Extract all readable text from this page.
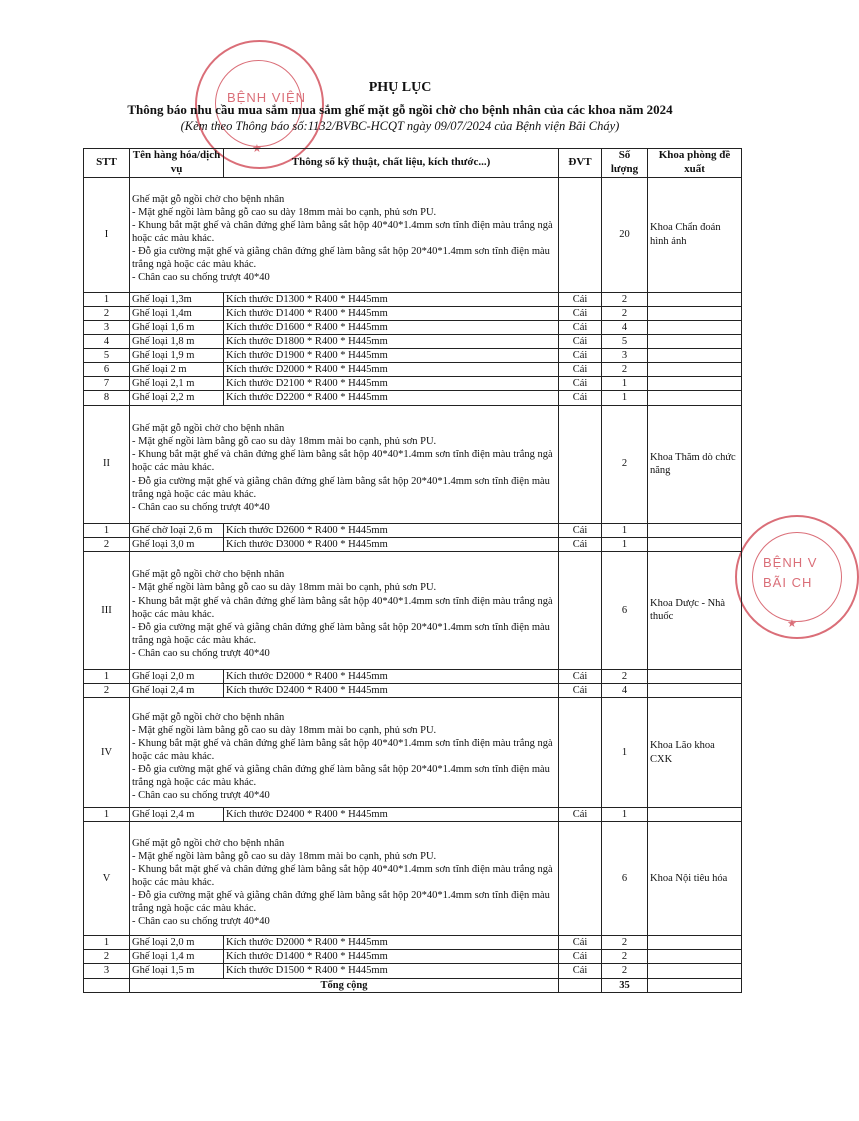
BỆNH VIỆN
★
BỆNH V
BÃI CH
★
PHỤ LỤC
Thông báo nhu cầu mua sắm mua sắm ghế mặt gỗ ngồi chờ cho bệnh nhân của các khoa năm 2024
(Kèm theo Thông báo số:1132/BVBC-HCQT ngày 09/07/2024 của Bệnh viện Bãi Cháy)
STT	Tên hàng hóa/dịch vụ	Thông số kỹ thuật, chất liệu, kích thước...)	ĐVT	Số lượng	Khoa phòng đề xuất
I	Ghế mặt gỗ ngồi chờ cho bệnh nhân
- Mặt ghế ngồi làm bằng gỗ cao su dày 18mm mài bo cạnh, phủ sơn PU.
- Khung bắt mặt ghế và chân đứng ghế làm bằng sắt hộp 40*40*1.4mm sơn tĩnh điện màu trắng ngà hoặc các màu khác.
- Đỗ gia cường mặt ghế và giằng chân đứng ghế làm bằng sắt hộp 20*40*1.4mm sơn tĩnh điện màu trắng ngà hoặc các màu khác.
- Chân cao su chống trượt 40*40			20	Khoa Chẩn đoán hình ảnh
1	Ghế loại 1,3m	Kích thước D1300 * R400 * H445mm	Cái	2	
2	Ghế loại 1,4m	Kích thước D1400 * R400 * H445mm	Cái	2	
3	Ghế loại 1,6 m	Kích thước D1600 * R400 * H445mm	Cái	4	
4	Ghế loại 1,8 m	Kích thước D1800 * R400 * H445mm	Cái	5	
5	Ghế loại 1,9 m	Kích thước D1900 * R400 * H445mm	Cái	3	
6	Ghế loại 2 m	Kích thước D2000 * R400 * H445mm	Cái	2	
7	Ghế loại 2,1 m	Kích thước D2100 * R400 * H445mm	Cái	1	
8	Ghế loại 2,2 m	Kích thước D2200 * R400 * H445mm	Cái	1	
II	Ghế mặt gỗ ngồi chờ cho bệnh nhân
- Mặt ghế ngồi làm bằng gỗ cao su dày 18mm mài bo cạnh, phủ sơn PU.
- Khung bắt mặt ghế và chân đứng ghế làm bằng sắt hộp 40*40*1.4mm sơn tĩnh điện màu trắng ngà hoặc các màu khác.
- Đỗ gia cường mặt ghế và giằng chân đứng ghế làm bằng sắt hộp 20*40*1.4mm sơn tĩnh điện màu trắng ngà hoặc các màu khác.
- Chân cao su chống trượt 40*40			2	Khoa Thăm dò chức năng
1	Ghế chờ loại 2,6 m	Kích thước D2600 * R400 * H445mm	Cái	1	
2	Ghế loại 3,0 m	Kích thước D3000 * R400 * H445mm	Cái	1	
III	Ghế mặt gỗ ngồi chờ cho bệnh nhân
- Mặt ghế ngồi làm bằng gỗ cao su dày 18mm mài bo cạnh, phủ sơn PU.
- Khung bắt mặt ghế và chân đứng ghế làm bằng sắt hộp 40*40*1.4mm sơn tĩnh điện màu trắng ngà hoặc các màu khác.
- Đỗ gia cường mặt ghế và giằng chân đứng ghế làm bằng sắt hộp 20*40*1.4mm sơn tĩnh điện màu trắng ngà hoặc các màu khác.
- Chân cao su chống trượt 40*40			6	Khoa Dược - Nhà thuốc
1	Ghế loại 2,0 m	Kích thước D2000 * R400 * H445mm	Cái	2	
2	Ghế loại 2,4 m	Kích thước D2400 * R400 * H445mm	Cái	4	
IV	Ghế mặt gỗ ngồi chờ cho bệnh nhân
- Mặt ghế ngồi làm bằng gỗ cao su dày 18mm mài bo cạnh, phủ sơn PU.
- Khung bắt mặt ghế và chân đứng ghế làm bằng sắt hộp 40*40*1.4mm sơn tĩnh điện màu trắng ngà hoặc các màu khác.
- Đỗ gia cường mặt ghế và giằng chân đứng ghế làm bằng sắt hộp 20*40*1.4mm sơn tĩnh điện màu trắng ngà hoặc các màu khác.
- Chân cao su chống trượt 40*40			1	Khoa Lão khoa CXK
1	Ghế loại 2,4 m	Kích thước D2400 * R400 * H445mm	Cái	1	
V	Ghế mặt gỗ ngồi chờ cho bệnh nhân
- Mặt ghế ngồi làm bằng gỗ cao su dày 18mm mài bo cạnh, phủ sơn PU.
- Khung bắt mặt ghế và chân đứng ghế làm bằng sắt hộp 40*40*1.4mm sơn tĩnh điện màu trắng ngà hoặc các màu khác.
- Đỗ gia cường mặt ghế và giằng chân đứng ghế làm bằng sắt hộp 20*40*1.4mm sơn tĩnh điện màu trắng ngà hoặc các màu khác.
- Chân cao su chống trượt 40*40			6	Khoa Nội tiêu hóa
1	Ghế loại 2,0 m	Kích thước D2000 * R400 * H445mm	Cái	2	
2	Ghế loại 1,4 m	Kích thước D1400 * R400 * H445mm	Cái	2	
3	Ghế loại 1,5 m	Kích thước D1500 * R400 * H445mm	Cái	2	
	Tổng cộng			35	
